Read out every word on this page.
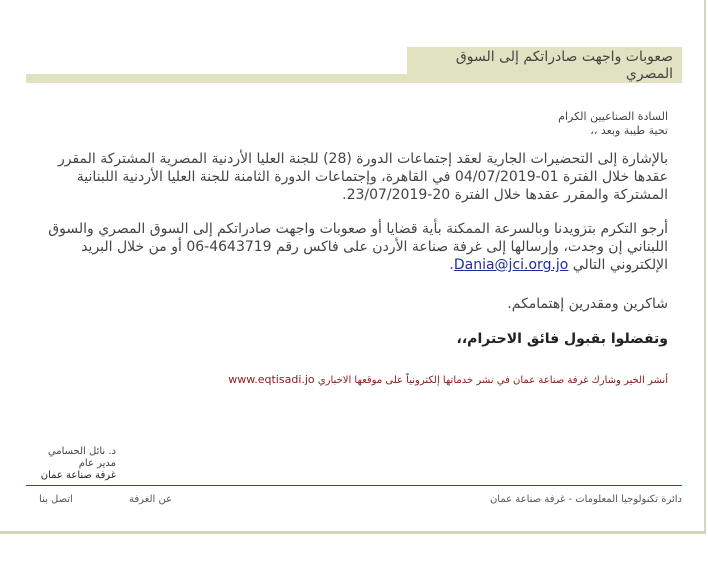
صعوبات واجهت صادراتكم إلى السوق المصري
السادة الصناعيين الكرام
تحية طيبة وبعد ،،
بالإشارة إلى التحضيرات الجارية لعقد إجتماعات الدورة (28) للجنة العليا الأردنية المصرية المشتركة المقرر عقدها خلال الفترة 01-04/07/2019 في القاهرة، وإجتماعات الدورة الثامنة للجنة العليا الأردنية اللبنانية المشتركة والمقرر عقدها خلال الفترة 20-23/07/2019.
أرجو التكرم بتزويدنا وبالسرعة الممكنة بأية قضايا أو صعوبات واجهت صادراتكم إلى السوق المصري والسوق اللبناني إن وجدت، وإرسالها إلى غرفة صناعة الأردن على فاكس رقم 4643719-06 أو من خلال البريد الإلكتروني التالي Dania@jci.org.jo.
شاكرين ومقدرين إهتمامكم.
وتفضلوا بقبول فائق الاحترام،،
أنشر الخير وشارك غرفة صناعة عمان في نشر خدماتها إلكترونياً على موقعها الاخباري www.eqtisadi.jo
د. نائل الحسامي
مدير عام
غرفة صناعة عمان
دائرة تكنولوجيا المعلومات - غرفة صناعة عمان
عن الغرفة
اتصل بنا
